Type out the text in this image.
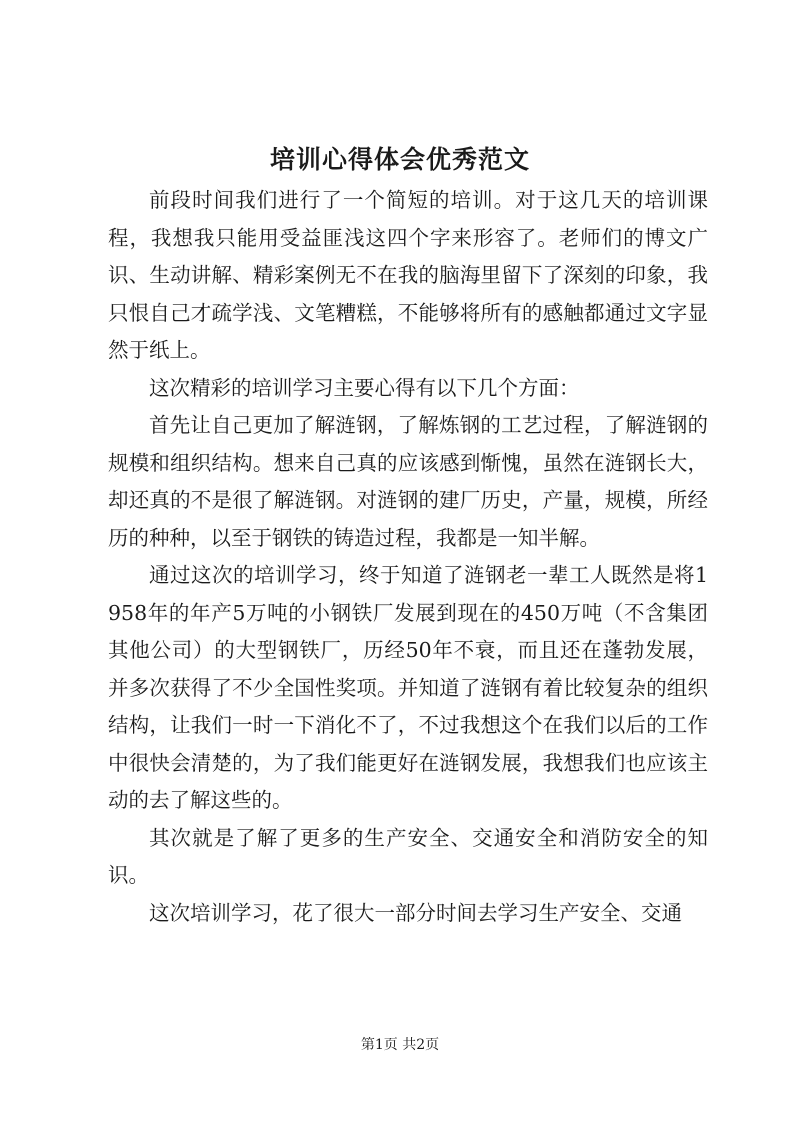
培训心得体会优秀范文

前段时间我们进行了一个简短的培训。对于这几天的培训课程，我想我只能用受益匪浅这四个字来形容了。老师们的博文广识、生动讲解、精彩案例无不在我的脑海里留下了深刻的印象，我只恨自己才疏学浅、文笔糟糕，不能够将所有的感触都通过文字显然于纸上。

这次精彩的培训学习主要心得有以下几个方面：

首先让自己更加了解涟钢，了解炼钢的工艺过程，了解涟钢的规模和组织结构。想来自己真的应该感到惭愧，虽然在涟钢长大，却还真的不是很了解涟钢。对涟钢的建厂历史，产量，规模，所经历的种种，以至于钢铁的铸造过程，我都是一知半解。

通过这次的培训学习，终于知道了涟钢老一辈工人既然是将1958年的年产5万吨的小钢铁厂发展到现在的450万吨（不含集团其他公司）的大型钢铁厂，历经50年不衰，而且还在蓬勃发展，并多次获得了不少全国性奖项。并知道了涟钢有着比较复杂的组织结构，让我们一时一下消化不了，不过我想这个在我们以后的工作中很快会清楚的，为了我们能更好在涟钢发展，我想我们也应该主动的去了解这些的。

其次就是了解了更多的生产安全、交通安全和消防安全的知识。

这次培训学习，花了很大一部分时间去学习生产安全、交通

第1页 共2页
